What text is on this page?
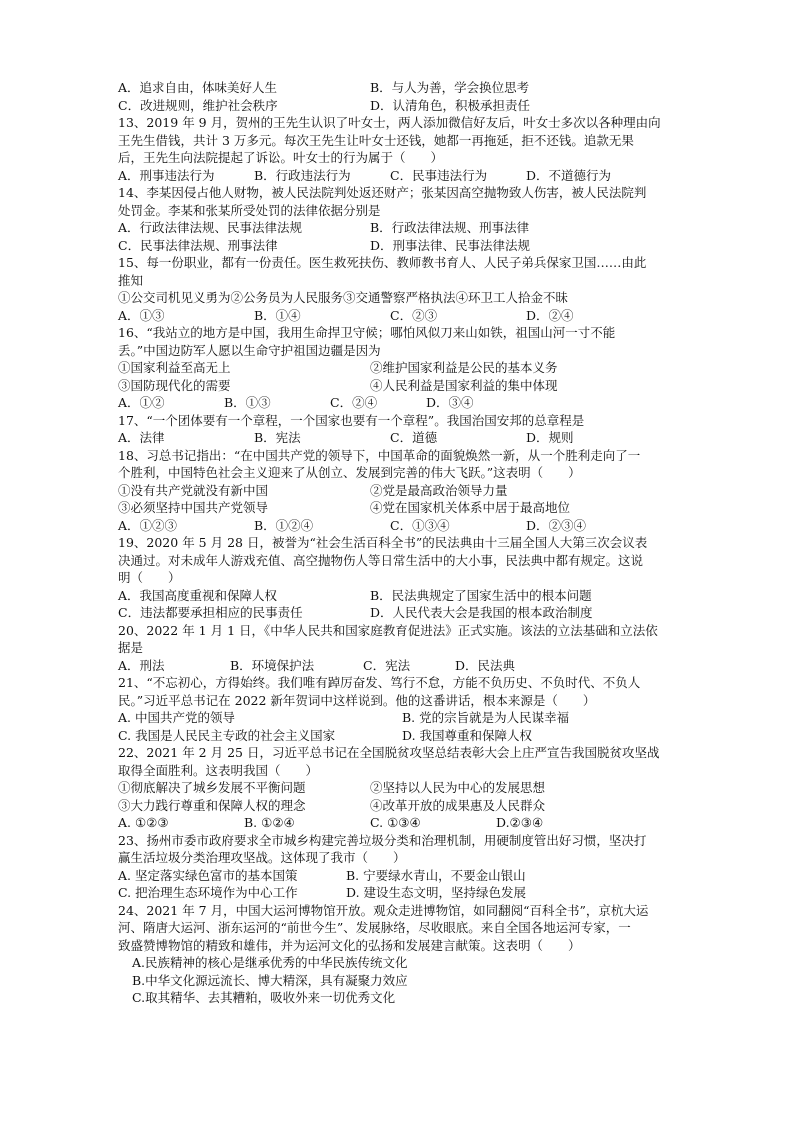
A．追求自由，体味美好人生	B．与人为善，学会换位思考
C．改进规则，维护社会秩序	D．认清角色，积极承担责任
13、2019 年 9 月，贺州的王先生认识了叶女士，两人添加微信好友后，叶女士多次以各种理由向
王先生借钱，共计 3 万多元。每次王先生让叶女士还钱，她都一再拖延，拒不还钱。追款无果
后，王先生向法院提起了诉讼。叶女士的行为属于（　　）
A．刑事违法行为	B．行政违法行为	C．民事违法行为	D．不道德行为
14、李某因侵占他人财物，被人民法院判处返还财产；张某因高空抛物致人伤害，被人民法院判
处罚金。李某和张某所受处罚的法律依据分别是
A．行政法律法规、民事法律法规	B．行政法律法规、刑事法律
C．民事法律法规、刑事法律	D．刑事法律、民事法律法规
15、每一份职业，都有一份责任。医生救死扶伤、教师教书育人、人民子弟兵保家卫国……由此
推知
①公交司机见义勇为②公务员为人民服务③交通警察严格执法④环卫工人拾金不昧
A．①③	B．①④	C．②③	D．②④
16、“我站立的地方是中国，我用生命捍卫守候；哪怕风似刀来山如铁，祖国山河一寸不能
丢。”中国边防军人愿以生命守护祖国边疆是因为
①国家利益至高无上	②维护国家利益是公民的基本义务
③国防现代化的需要	④人民利益是国家利益的集中体现
A．①②	B．①③	C．②④	D．③④
17、“一个团体要有一个章程，一个国家也要有一个章程”。我国治国安邦的总章程是
A．法律	B．宪法	C．道德	D．规则
18、习总书记指出：“在中国共产党的领导下，中国革命的面貌焕然一新，从一个胜利走向了一
个胜利，中国特色社会主义迎来了从创立、发展到完善的伟大飞跃。”这表明（　　）
①没有共产党就没有新中国	②党是最高政治领导力量
③必须坚持中国共产党领导	④党在国家机关体系中居于最高地位
A．①②③	B．①②④	C．①③④	D．②③④
19、2020 年 5 月 28 日，被誉为“社会生活百科全书”的民法典由十三届全国人大第三次会议表
决通过。对未成年人游戏充值、高空抛物伤人等日常生活中的大小事，民法典中都有规定。这说
明（　　）
A．我国高度重视和保障人权	B．民法典规定了国家生活中的根本问题
C．违法都要承担相应的民事责任	D．人民代表大会是我国的根本政治制度
20、2022 年 1 月 1 日，《中华人民共和国家庭教育促进法》正式实施。该法的立法基础和立法依
据是
A．刑法	B．环境保护法	C．宪法	D．民法典
21、“不忘初心，方得始终。我们唯有踔厉奋发、笃行不怠，方能不负历史、不负时代、不负人
民。”习近平总书记在 2022 新年贺词中这样说到。他的这番讲话，根本来源是（　　）
A. 中国共产党的领导	B. 党的宗旨就是为人民谋幸福
C. 我国是人民民主专政的社会主义国家	D. 我国尊重和保障人权
22、2021 年 2 月 25 日，习近平总书记在全国脱贫攻坚总结表彰大会上庄严宣告我国脱贫攻坚战
取得全面胜利。这表明我国（　　）
①彻底解决了城乡发展不平衡问题	②坚持以人民为中心的发展思想
③大力践行尊重和保障人权的理念	④改革开放的成果惠及人民群众
A. ①②③	B. ①②④	C. ①③④	D.②③④
23、扬州市委市政府要求全市城乡构建完善垃圾分类和治理机制，用硬制度管出好习惯，坚决打
赢生活垃圾分类治理攻坚战。这体现了我市（　　）
A. 坚定落实绿色富市的基本国策	B. 宁要绿水青山，不要金山银山
C. 把治理生态环境作为中心工作	D. 建设生态文明，坚持绿色发展
24、2021 年 7 月，中国大运河博物馆开放。观众走进博物馆，如同翻阅“百科全书”，京杭大运
河、隋唐大运河、浙东运河的“前世今生”、发展脉络，尽收眼底。来自全国各地运河专家，一
致盛赞博物馆的精致和雄伟，并为运河文化的弘扬和发展建言献策。这表明（　　）
A.民族精神的核心是继承优秀的中华民族传统文化
B.中华文化源远流长、博大精深，具有凝聚力效应
C.取其精华、去其糟粕，吸收外来一切优秀文化
